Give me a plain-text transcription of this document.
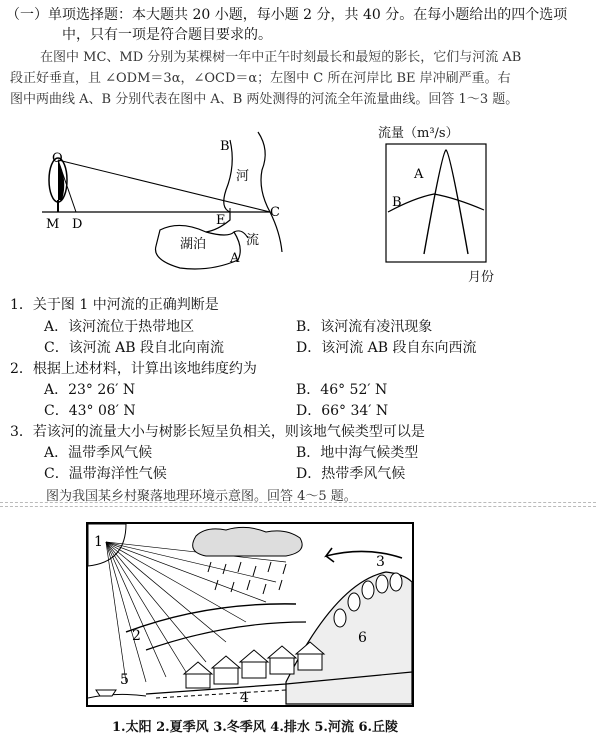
（一）单项选择题：本大题共 20 小题，每小题 2 分，共 40 分。在每小题给出的四个选项
中，只有一项是符合题目要求的。
在图中 MC、MD 分别为某棵树一年中正午时刻最长和最短的影长，它们与河流 AB
段正好垂直，且 ∠ODM＝3α，∠OCD＝α；左图中 C 所在河岸比 BE 岸冲刷严重。右
图中两曲线 A、B 分别代表在图中 A、B 两处测得的河流全年流量曲线。回答 1～3 题。
O
M D	E
C
B
河
湖泊	流
A
流量（m³/s）
A
B
月份
1．关于图 1 中河流的正确判断是
A．该河流位于热带地区	B．该河流有凌汛现象
C．该河流 AB 段自北向南流	D．该河流 AB 段自东向西流
2．根据上述材料，计算出该地纬度约为
A．23° 26′ N	B．46° 52′ N
C．43° 08′ N	D．66° 34′ N
3．若该河的流量大小与树影长短呈负相关，则该地气候类型可以是
A．温带季风气候	B．地中海气候类型
C．温带海洋性气候	D．热带季风气候
图为我国某乡村聚落地理环境示意图。回答 4～5 题。
1
2
3
4
5
6
1.太阳 2.夏季风 3.冬季风 4.排水 5.河流 6.丘陵
